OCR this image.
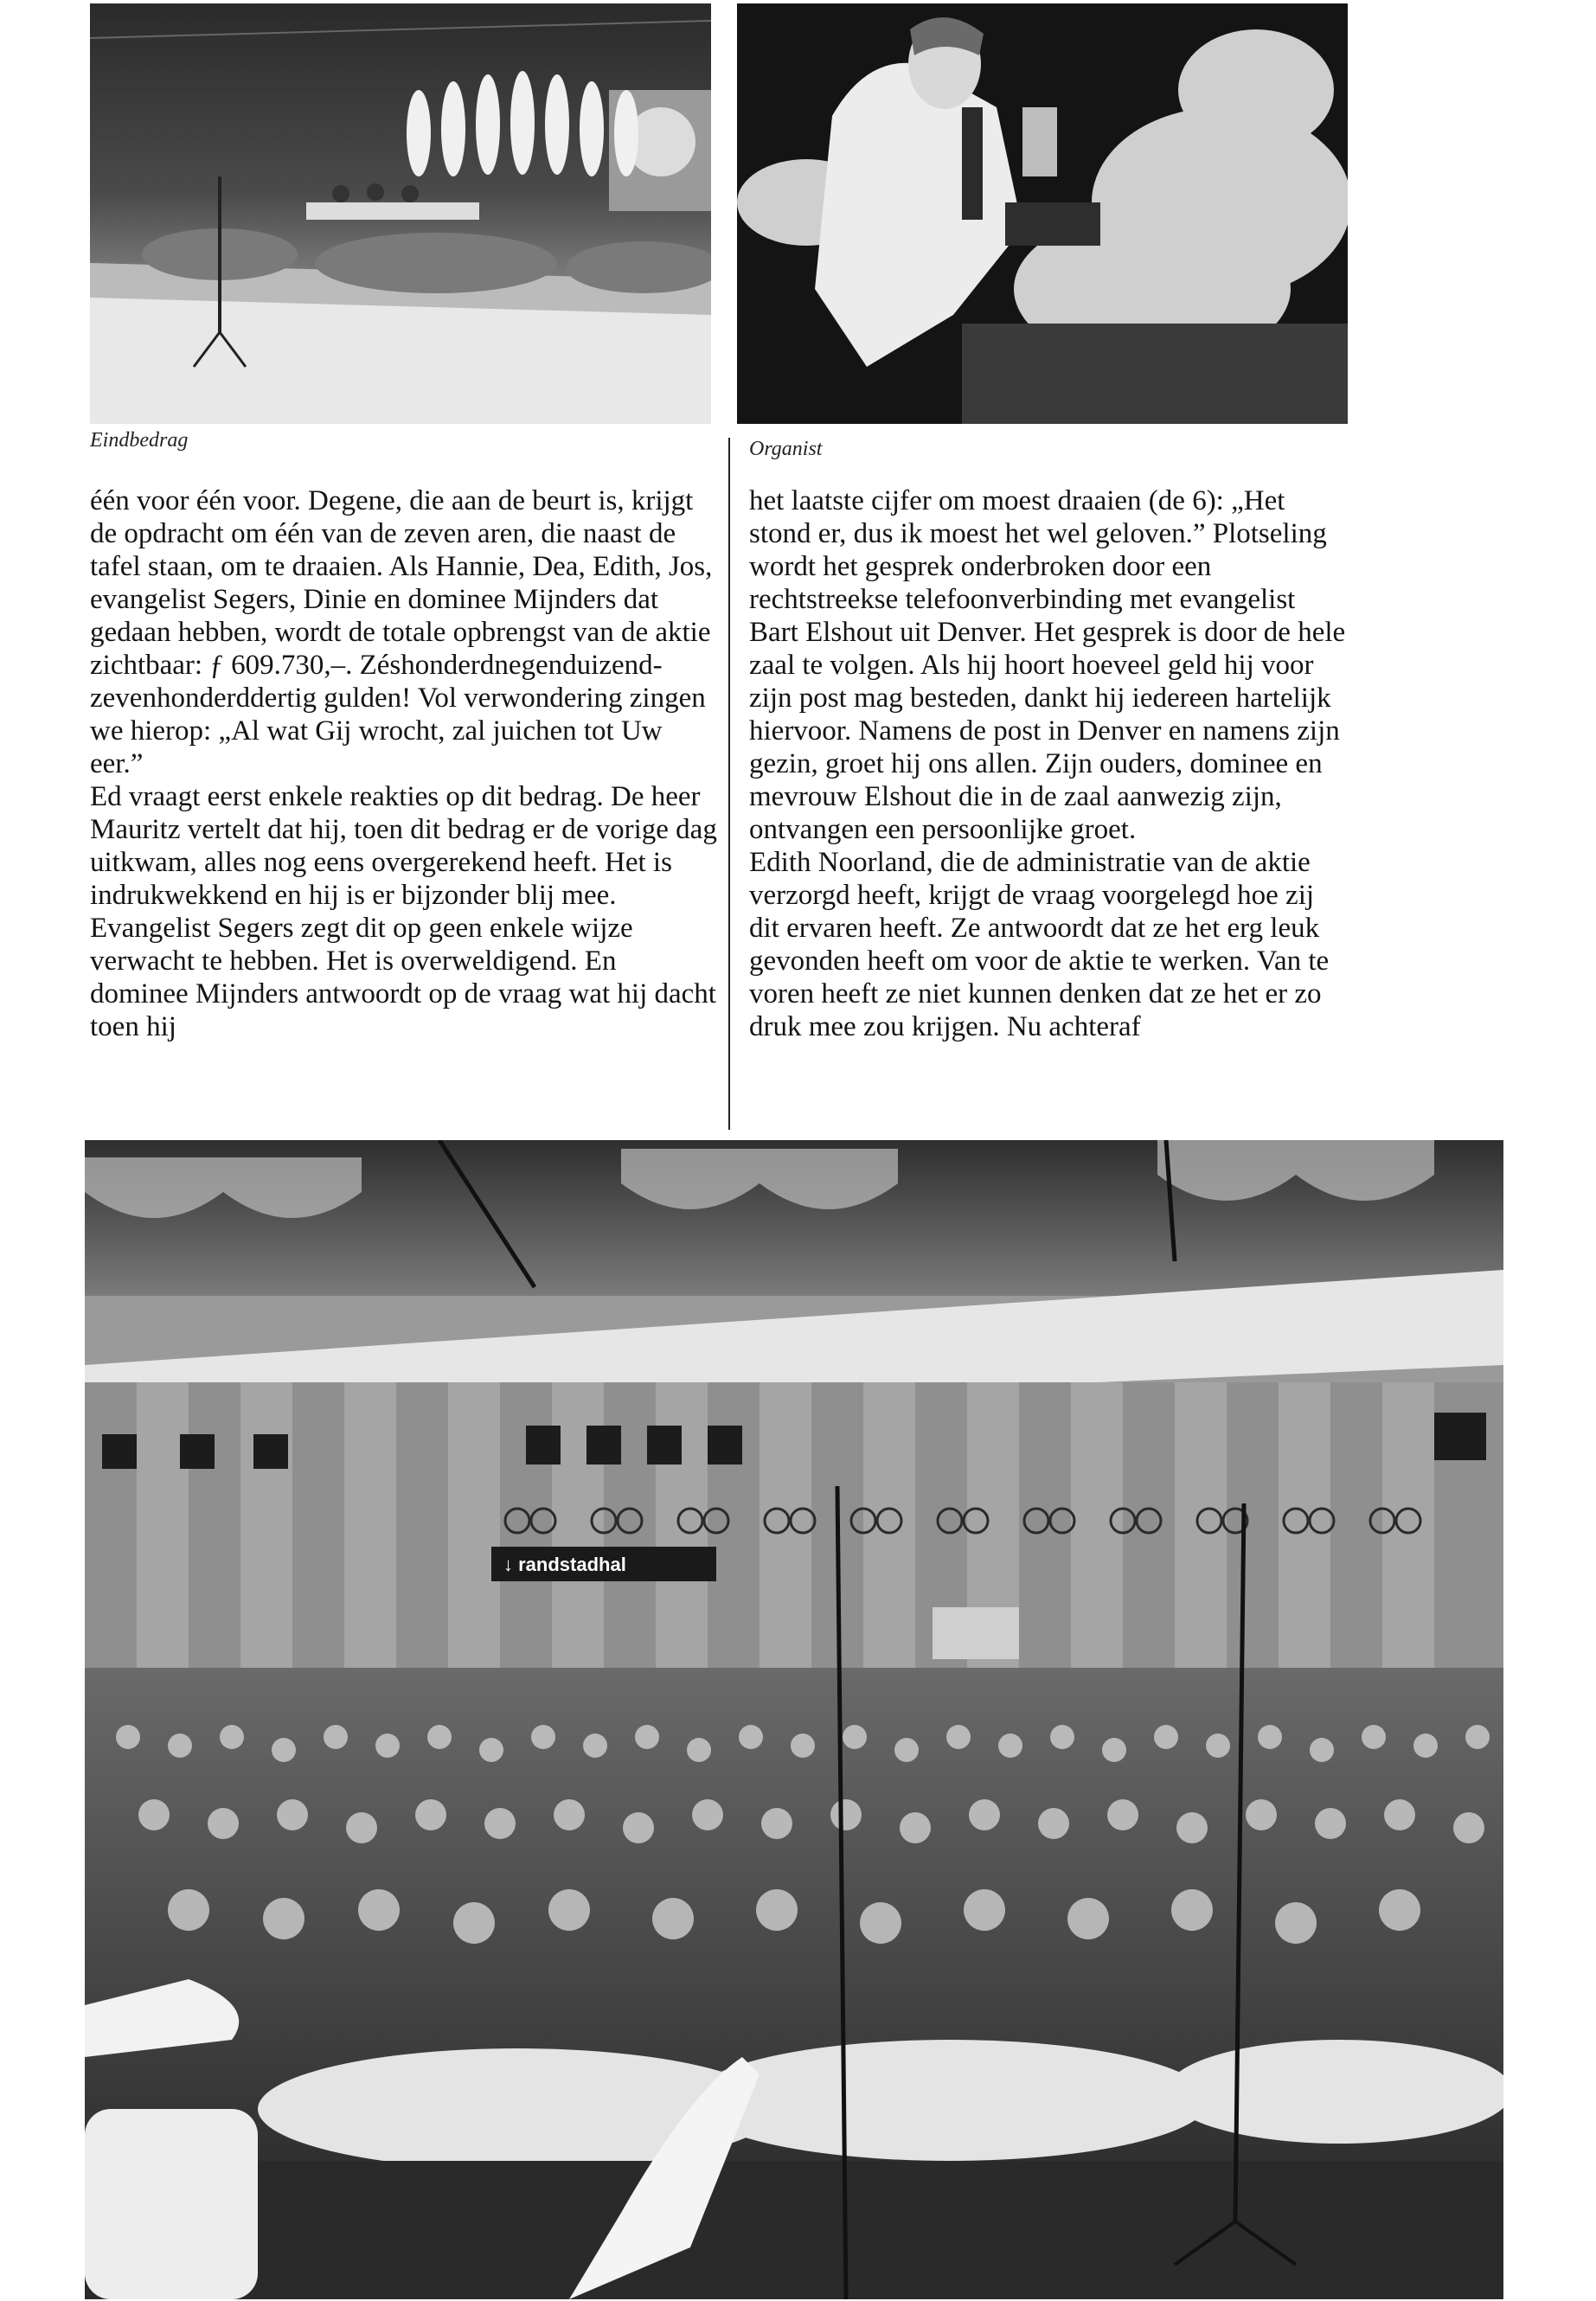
Eindbedrag	Organist

één voor één voor. Degene, die aan de beurt is, krijgt de opdracht om één van de zeven aren, die naast de tafel staan, om te draaien. Als Hannie, Dea, Edith, Jos, evangelist Segers, Dinie en dominee Mijnders dat gedaan hebben, wordt de totale opbrengst van de aktie zichtbaar: ƒ 609.730,–. Zéshonderdnegenduizend-zevenhonderddertig gulden! Vol verwondering zingen we hierop: „Al wat Gij wrocht, zal juichen tot Uw eer.”

Ed vraagt eerst enkele reakties op dit bedrag. De heer Mauritz vertelt dat hij, toen dit bedrag er de vorige dag uitkwam, alles nog eens overgerekend heeft. Het is indrukwekkend en hij is er bijzonder blij mee. Evangelist Segers zegt dit op geen enkele wijze verwacht te hebben. Het is overweldigend. En dominee Mijnders antwoordt op de vraag wat hij dacht toen hij

het laatste cijfer om moest draaien (de 6): „Het stond er, dus ik moest het wel geloven.” Plotseling wordt het gesprek onderbroken door een rechtstreekse telefoonverbinding met evangelist Bart Elshout uit Denver. Het gesprek is door de hele zaal te volgen. Als hij hoort hoeveel geld hij voor zijn post mag besteden, dankt hij iedereen hartelijk hiervoor. Namens de post in Denver en namens zijn gezin, groet hij ons allen. Zijn ouders, dominee en mevrouw Elshout die in de zaal aanwezig zijn, ontvangen een persoonlijke groet.

Edith Noorland, die de administratie van de aktie verzorgd heeft, krijgt de vraag voorgelegd hoe zij dit ervaren heeft. Ze antwoordt dat ze het erg leuk gevonden heeft om voor de aktie te werken. Van te voren heeft ze niet kunnen denken dat ze het er zo druk mee zou krijgen. Nu achteraf

↓ randstadhal
